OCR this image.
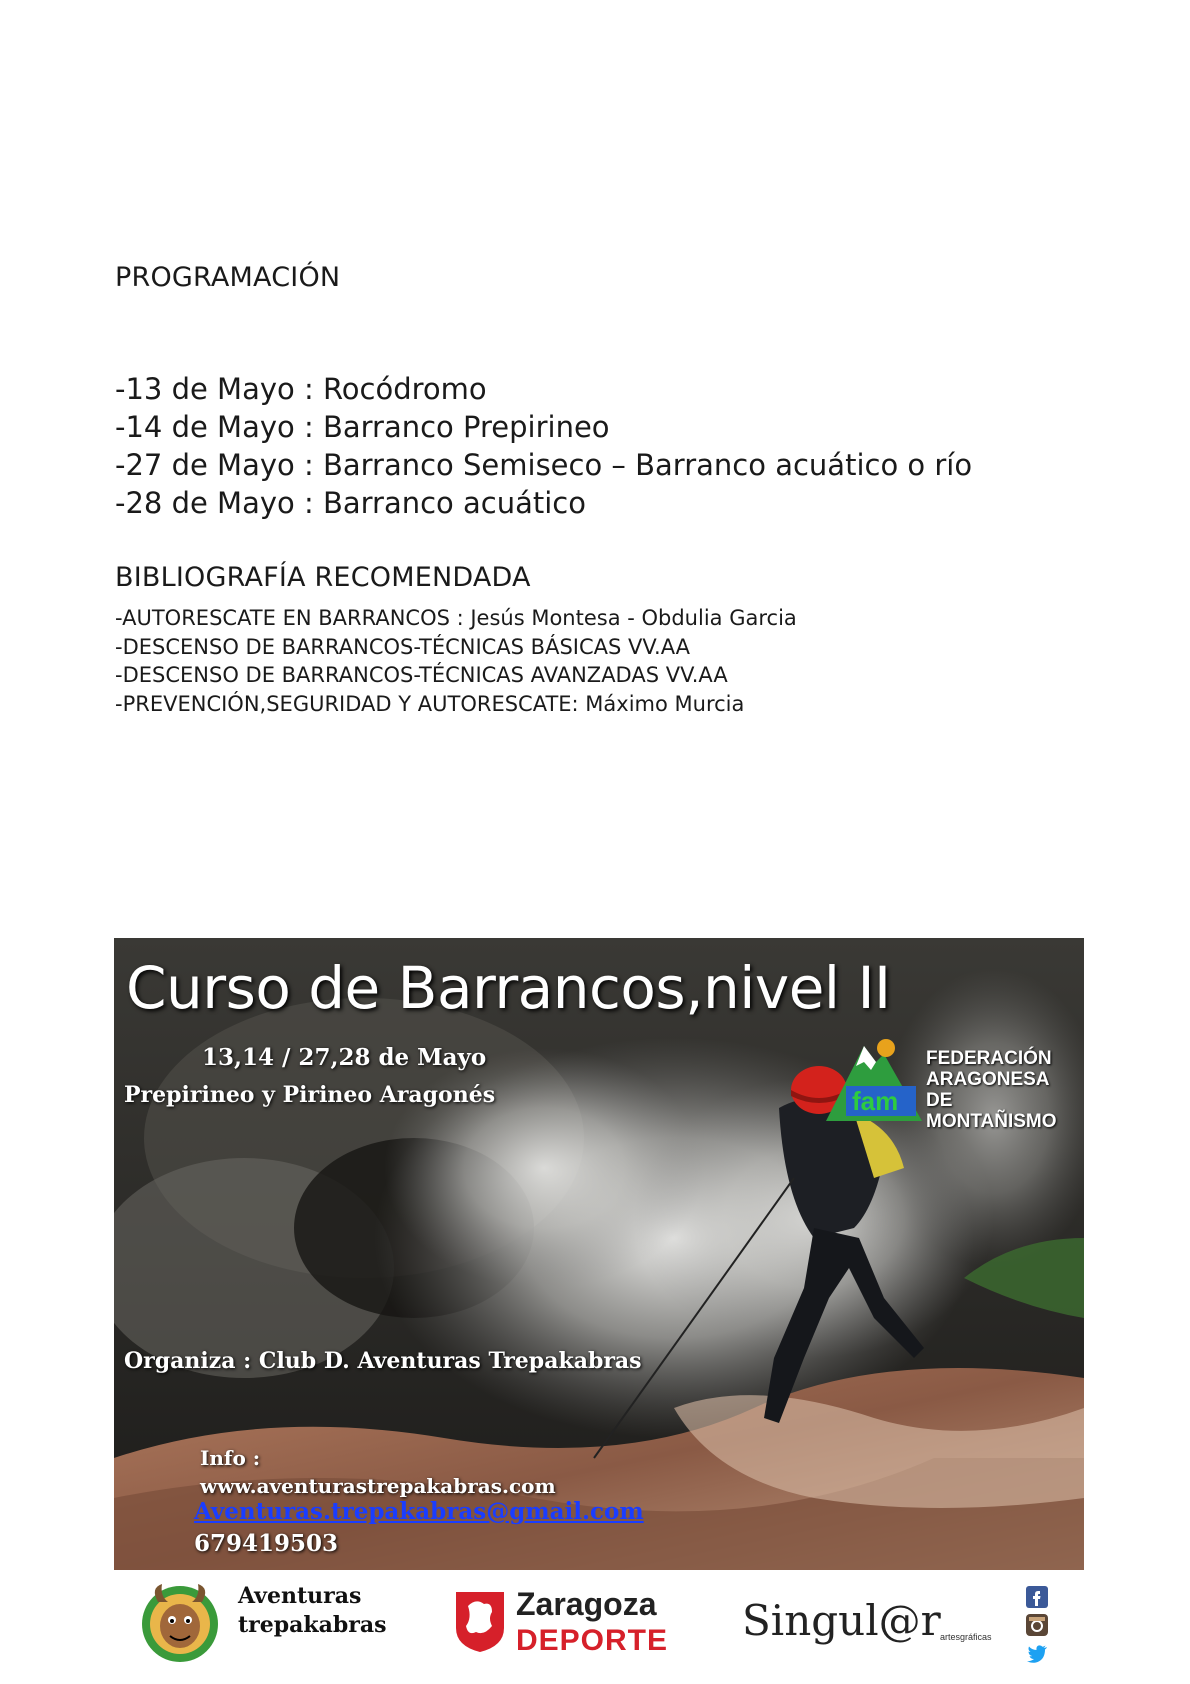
PROGRAMACIÓN
-13 de Mayo : Rocódromo
-14 de Mayo : Barranco Prepirineo
-27 de Mayo : Barranco Semiseco – Barranco acuático o río
-28 de Mayo : Barranco acuático
BIBLIOGRAFÍA RECOMENDADA
-AUTORESCATE EN BARRANCOS : Jesús Montesa - Obdulia Garcia
-DESCENSO DE BARRANCOS-TÉCNICAS BÁSICAS VV.AA
-DESCENSO DE BARRANCOS-TÉCNICAS AVANZADAS VV.AA
-PREVENCIÓN,SEGURIDAD Y AUTORESCATE: Máximo Murcia
Curso de Barrancos,nivel II
13,14 / 27,28 de Mayo
Prepirineo y Pirineo Aragonés	fam
FEDERACIÓN
ARAGONESA
DE MONTAÑISMO
Organiza : Club D. Aventuras Trepakabras
Info :
www.aventurastrepakabras.com
Aventuras.trepakabras@gmail.com
679419503
Aventuras
trepakabras
Zaragoza
DEPORTE Singul@r artesgráficas
